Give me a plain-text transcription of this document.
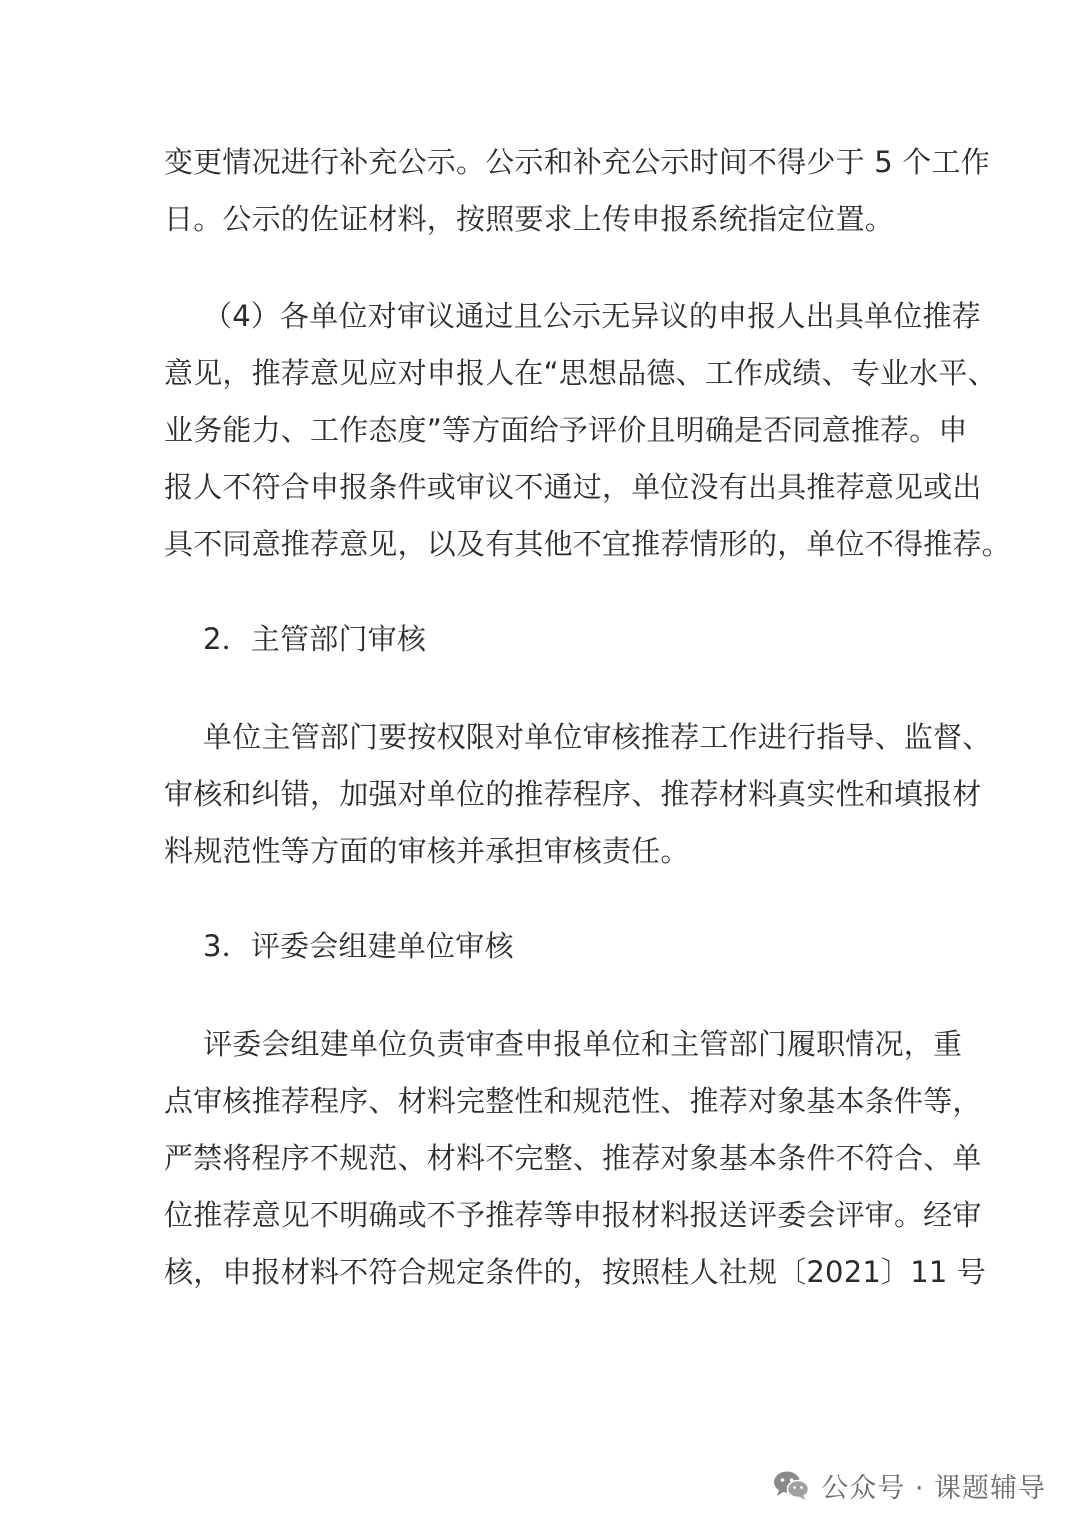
变更情况进行补充公示。公示和补充公示时间不得少于 5 个工作
日。公示的佐证材料，按照要求上传申报系统指定位置。
（4）各单位对审议通过且公示无异议的申报人出具单位推荐
意见，推荐意见应对申报人在“思想品德、工作成绩、专业水平、
业务能力、工作态度”等方面给予评价且明确是否同意推荐。申
报人不符合申报条件或审议不通过，单位没有出具推荐意见或出
具不同意推荐意见，以及有其他不宜推荐情形的，单位不得推荐。
2．主管部门审核
单位主管部门要按权限对单位审核推荐工作进行指导、监督、
审核和纠错，加强对单位的推荐程序、推荐材料真实性和填报材
料规范性等方面的审核并承担审核责任。
3．评委会组建单位审核
评委会组建单位负责审查申报单位和主管部门履职情况，重
点审核推荐程序、材料完整性和规范性、推荐对象基本条件等，
严禁将程序不规范、材料不完整、推荐对象基本条件不符合、单
位推荐意见不明确或不予推荐等申报材料报送评委会评审。经审
核，申报材料不符合规定条件的，按照桂人社规〔2021〕11 号
公众号 · 课题辅导
